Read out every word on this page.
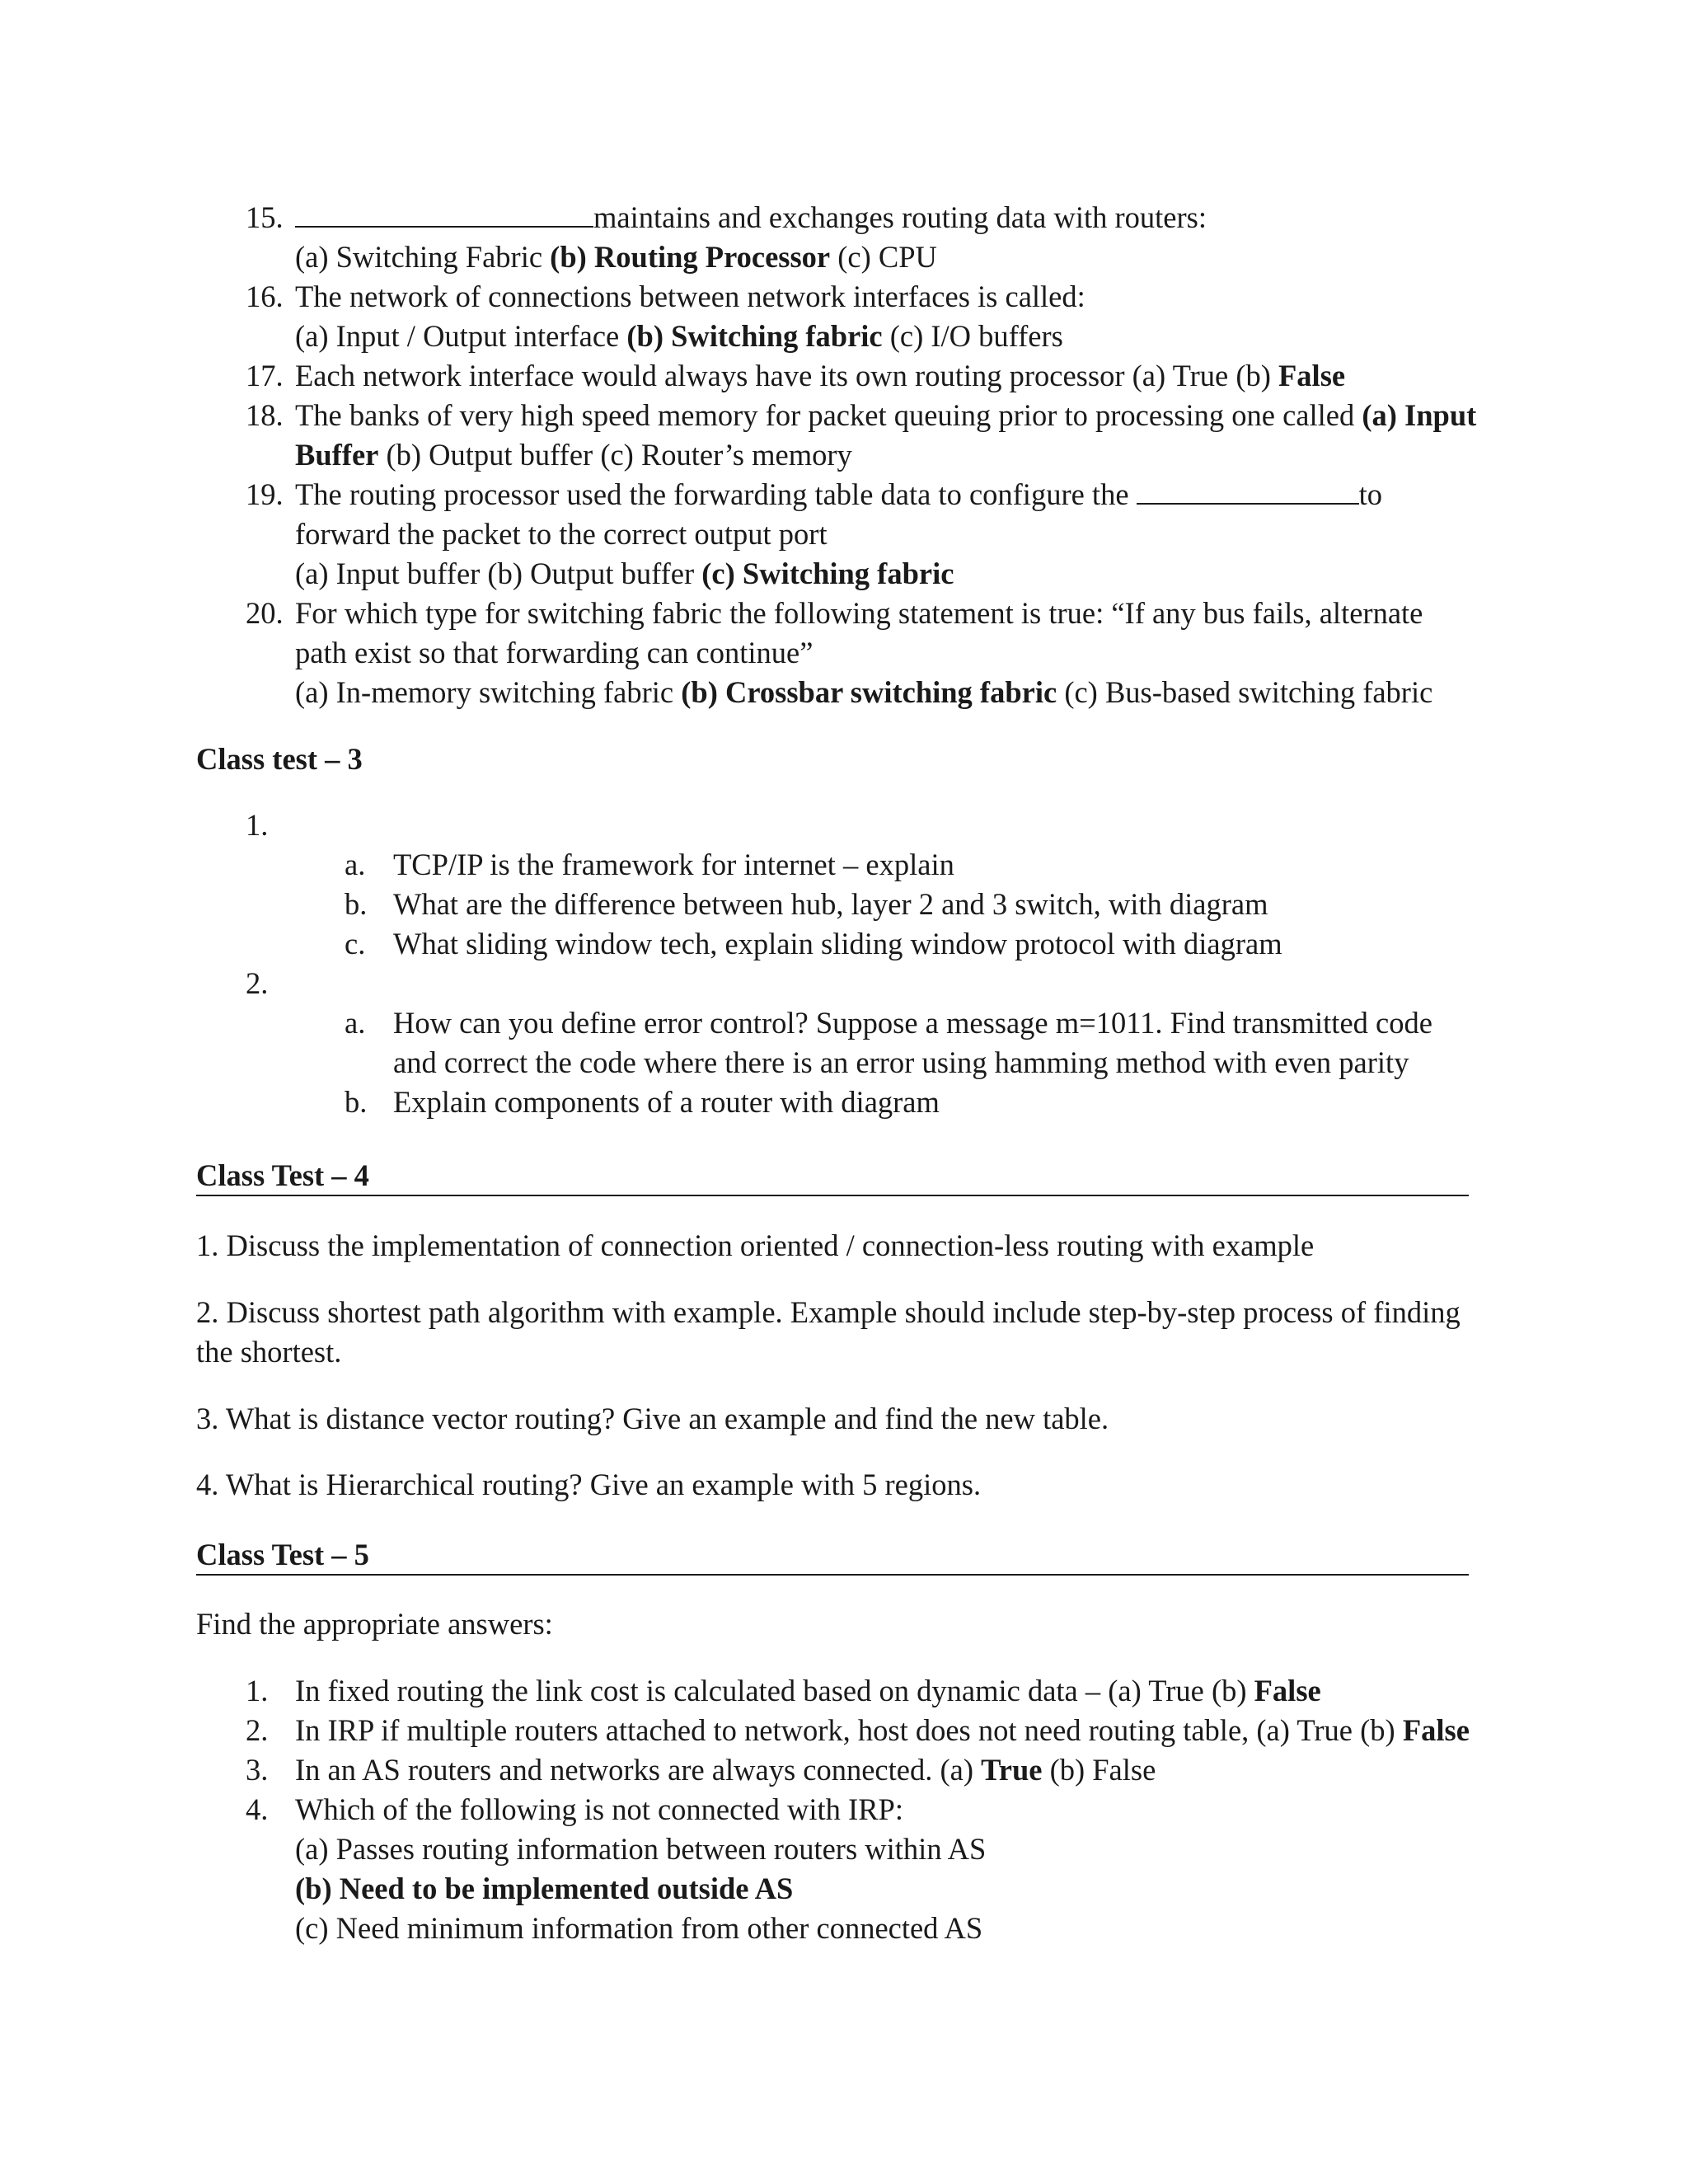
15.	maintains and exchanges routing data with routers:
(a) Switching Fabric (b) Routing Processor (c) CPU
16. The network of connections between network interfaces is called:
(a) Input / Output interface (b) Switching fabric (c) I/O buffers
17. Each network interface would always have its own routing processor (a) True (b) False
18. The banks of very high speed memory for packet queuing prior to processing one called (a) Input
Buffer (b) Output buffer (c) Router’s memory
19. The routing processor used the forwarding table data to configure the	to
forward the packet to the correct output port
(a) Input buffer (b) Output buffer (c) Switching fabric
20. For which type for switching fabric the following statement is true: “If any bus fails, alternate
path exist so that forwarding can continue”
(a) In-memory switching fabric (b) Crossbar switching fabric (c) Bus-based switching fabric
Class test – 3
1.
a. TCP/IP is the framework for internet – explain
b. What are the difference between hub, layer 2 and 3 switch, with diagram
c. What sliding window tech, explain sliding window protocol with diagram
2.
a. How can you define error control? Suppose a message m=1011. Find transmitted code
and correct the code where there is an error using hamming method with even parity
b. Explain components of a router with diagram
Class Test – 4
1. Discuss the implementation of connection oriented / connection-less routing with example
2. Discuss shortest path algorithm with example. Example should include step-by-step process of finding
the shortest.
3. What is distance vector routing? Give an example and find the new table.
4. What is Hierarchical routing? Give an example with 5 regions.
Class Test – 5
Find the appropriate answers:
1. In fixed routing the link cost is calculated based on dynamic data – (a) True (b) False
2. In IRP if multiple routers attached to network, host does not need routing table, (a) True (b) False
3. In an AS routers and networks are always connected. (a) True (b) False
4. Which of the following is not connected with IRP:
(a) Passes routing information between routers within AS
(b) Need to be implemented outside AS
(c) Need minimum information from other connected AS
